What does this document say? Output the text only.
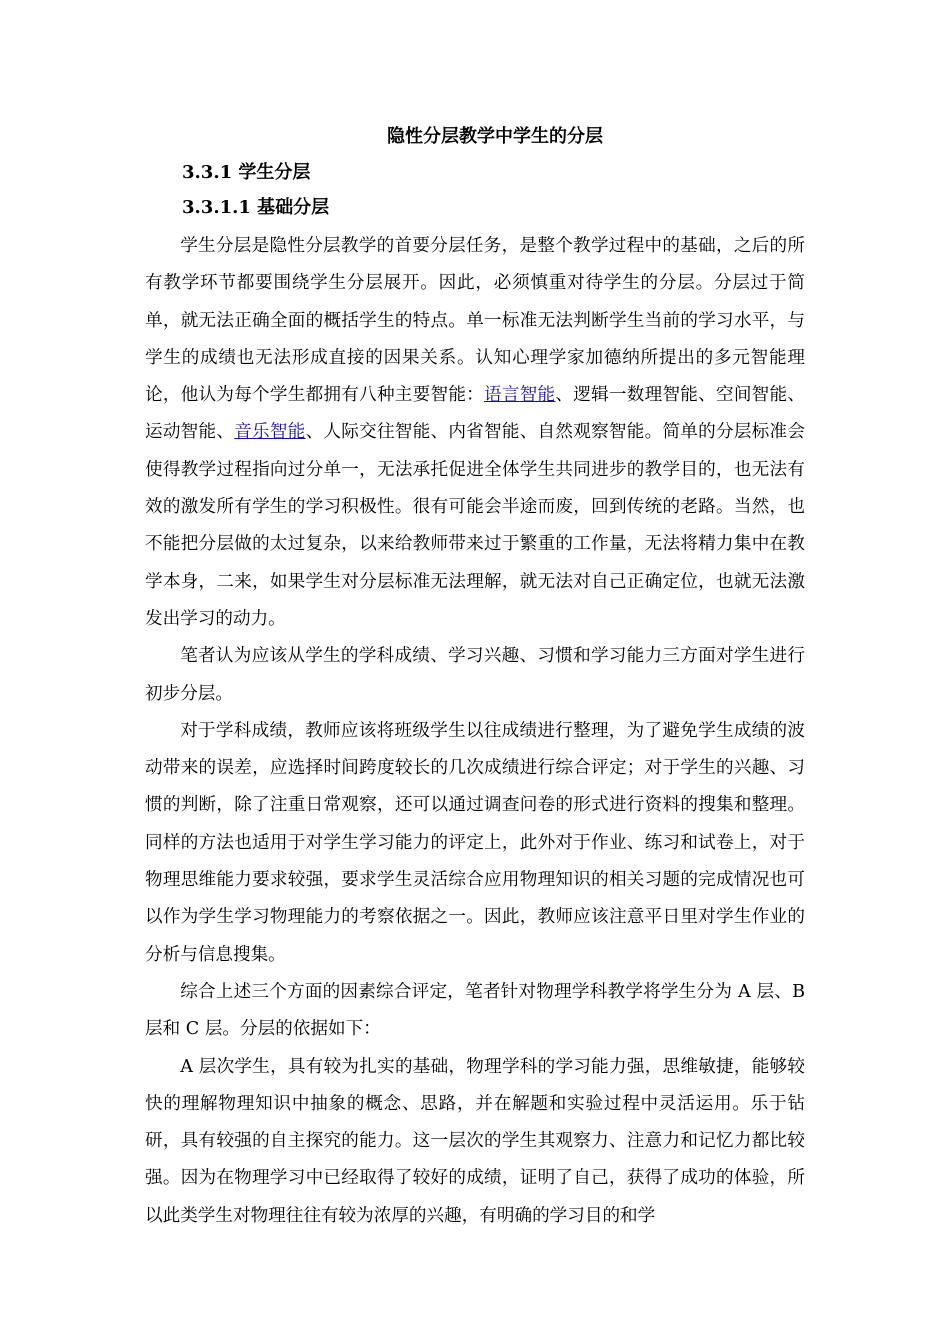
隐性分层教学中学生的分层
3.3.1 学生分层
3.3.1.1 基础分层

学生分层是隐性分层教学的首要分层任务，是整个教学过程中的基础，之后的所有教学环节都要围绕学生分层展开。因此，必须慎重对待学生的分层。分层过于简单，就无法正确全面的概括学生的特点。单一标准无法判断学生当前的学习水平，与学生的成绩也无法形成直接的因果关系。认知心理学家加德纳所提出的多元智能理论，他认为每个学生都拥有八种主要智能：语言智能、逻辑一数理智能、空间智能、运动智能、音乐智能、人际交往智能、内省智能、自然观察智能。简单的分层标准会使得教学过程指向过分单一，无法承托促进全体学生共同进步的教学目的，也无法有效的激发所有学生的学习积极性。很有可能会半途而废，回到传统的老路。当然，也不能把分层做的太过复杂，以来给教师带来过于繁重的工作量，无法将精力集中在教学本身，二来，如果学生对分层标准无法理解，就无法对自己正确定位，也就无法激发出学习的动力。

笔者认为应该从学生的学科成绩、学习兴趣、习惯和学习能力三方面对学生进行初步分层。

对于学科成绩，教师应该将班级学生以往成绩进行整理，为了避免学生成绩的波动带来的误差，应选择时间跨度较长的几次成绩进行综合评定；对于学生的兴趣、习惯的判断，除了注重日常观察，还可以通过调查问卷的形式进行资料的搜集和整理。同样的方法也适用于对学生学习能力的评定上，此外对于作业、练习和试卷上，对于物理思维能力要求较强，要求学生灵活综合应用物理知识的相关习题的完成情况也可以作为学生学习物理能力的考察依据之一。因此，教师应该注意平日里对学生作业的分析与信息搜集。

综合上述三个方面的因素综合评定，笔者针对物理学科教学将学生分为 A 层、B 层和 C 层。分层的依据如下：

A 层次学生，具有较为扎实的基础，物理学科的学习能力强，思维敏捷，能够较快的理解物理知识中抽象的概念、思路，并在解题和实验过程中灵活运用。乐于钻研，具有较强的自主探究的能力。这一层次的学生其观察力、注意力和记忆力都比较强。因为在物理学习中已经取得了较好的成绩，证明了自己，获得了成功的体验，所以此类学生对物理往往有较为浓厚的兴趣，有明确的学习目的和学
